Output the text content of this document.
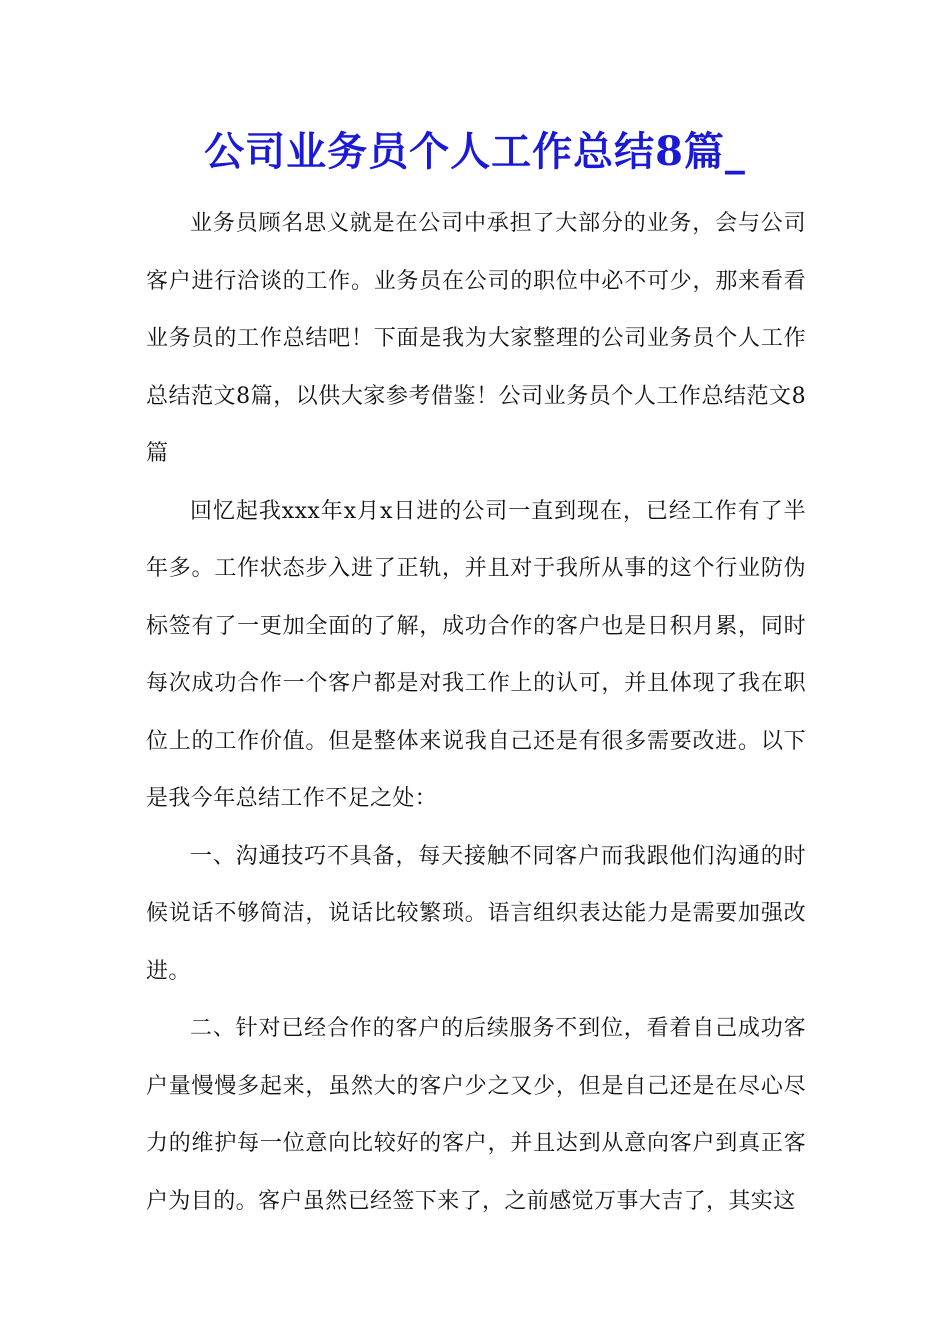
公司业务员个人工作总结8篇_

业务员顾名思义就是在公司中承担了大部分的业务，会与公司客户进行洽谈的工作。业务员在公司的职位中必不可少，那来看看业务员的工作总结吧！下面是我为大家整理的公司业务员个人工作总结范文8篇，以供大家参考借鉴！公司业务员个人工作总结范文8篇

回忆起我xxx年x月x日进的公司一直到现在，已经工作有了半年多。工作状态步入进了正轨，并且对于我所从事的这个行业防伪标签有了一更加全面的了解，成功合作的客户也是日积月累，同时每次成功合作一个客户都是对我工作上的认可，并且体现了我在职位上的工作价值。但是整体来说我自己还是有很多需要改进。以下是我今年总结工作不足之处：

一、沟通技巧不具备，每天接触不同客户而我跟他们沟通的时候说话不够简洁，说话比较繁琐。语言组织表达能力是需要加强改进。

二、针对已经合作的客户的后续服务不到位，看着自己成功客户量慢慢多起来，虽然大的客户少之又少，但是自己还是在尽心尽力的维护每一位意向比较好的客户，并且达到从意向客户到真正客户为目的。客户虽然已经签下来了，之前感觉万事大吉了，其实这
